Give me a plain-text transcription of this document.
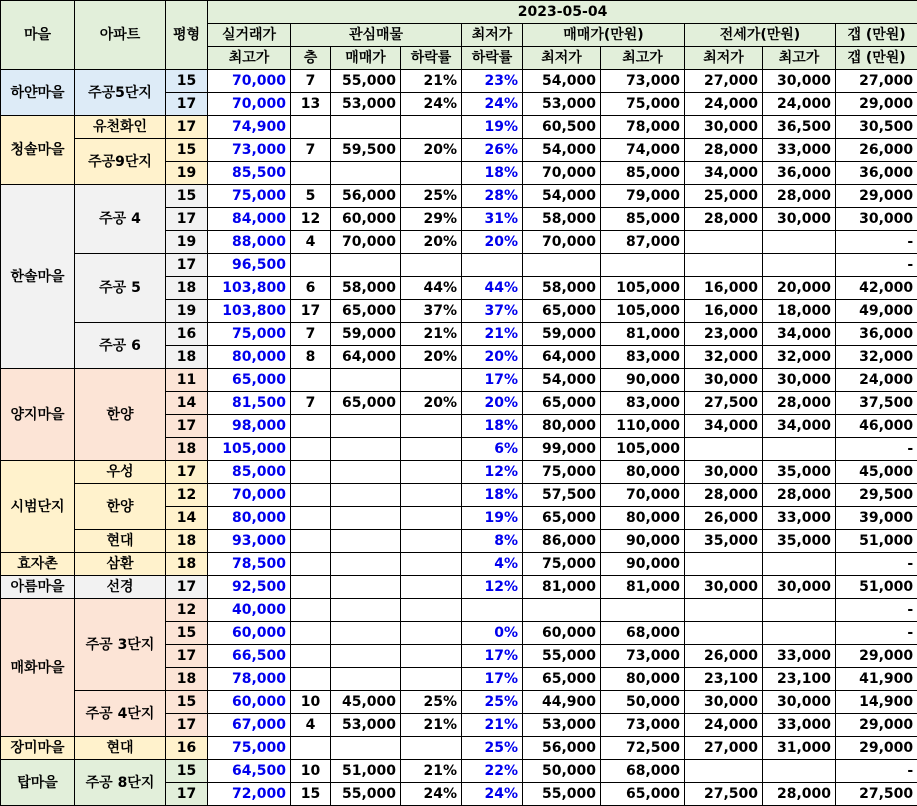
마을	아파트	평형	2023-05-04									
			실거래가	관심매물			최저가	매매가(만원)		전세가(만원)		갭 (만원)
			최고가	층	매매가	하락률	하락률	최저가	최고가	최저가	최고가	갭 (만원)
하얀마을	주공5단지	15	70,000	7	55,000	21%	23%	54,000	73,000	27,000	30,000	27,000
		17	70,000	13	53,000	24%	24%	53,000	75,000	24,000	24,000	29,000
청솔마을	유천화인	17	74,900				19%	60,500	78,000	30,000	36,500	30,500
	주공9단지	15	73,000	7	59,500	20%	26%	54,000	74,000	28,000	33,000	26,000
		19	85,500				18%	70,000	85,000	34,000	36,000	36,000
한솔마을	주공 4	15	75,000	5	56,000	25%	28%	54,000	79,000	25,000	28,000	29,000
		17	84,000	12	60,000	29%	31%	58,000	85,000	28,000	30,000	30,000
		19	88,000	4	70,000	20%	20%	70,000	87,000			-
	주공 5	17	96,500									-
		18	103,800	6	58,000	44%	44%	58,000	105,000	16,000	20,000	42,000
		19	103,800	17	65,000	37%	37%	65,000	105,000	16,000	18,000	49,000
	주공 6	16	75,000	7	59,000	21%	21%	59,000	81,000	23,000	34,000	36,000
		18	80,000	8	64,000	20%	20%	64,000	83,000	32,000	32,000	32,000
양지마을	한양	11	65,000				17%	54,000	90,000	30,000	30,000	24,000
		14	81,500	7	65,000	20%	20%	65,000	83,000	27,500	28,000	37,500
		17	98,000				18%	80,000	110,000	34,000	34,000	46,000
		18	105,000				6%	99,000	105,000			-
시범단지	우성	17	85,000				12%	75,000	80,000	30,000	35,000	45,000
	한양	12	70,000				18%	57,500	70,000	28,000	28,000	29,500
		14	80,000				19%	65,000	80,000	26,000	33,000	39,000
	현대	18	93,000				8%	86,000	90,000	35,000	35,000	51,000
효자촌	삼환	18	78,500				4%	75,000	90,000			-
아름마을	선경	17	92,500				12%	81,000	81,000	30,000	30,000	51,000
매화마을	주공 3단지	12	40,000									-
		15	60,000				0%	60,000	68,000			-
		17	66,500				17%	55,000	73,000	26,000	33,000	29,000
		18	78,000				17%	65,000	80,000	23,100	23,100	41,900
	주공 4단지	15	60,000	10	45,000	25%	25%	44,900	50,000	30,000	30,000	14,900
		17	67,000	4	53,000	21%	21%	53,000	73,000	24,000	33,000	29,000
장미마을	현대	16	75,000				25%	56,000	72,500	27,000	31,000	29,000
탑마을	주공 8단지	15	64,500	10	51,000	21%	22%	50,000	68,000			-
		17	72,000	15	55,000	24%	24%	55,000	65,000	27,500	28,000	27,500
